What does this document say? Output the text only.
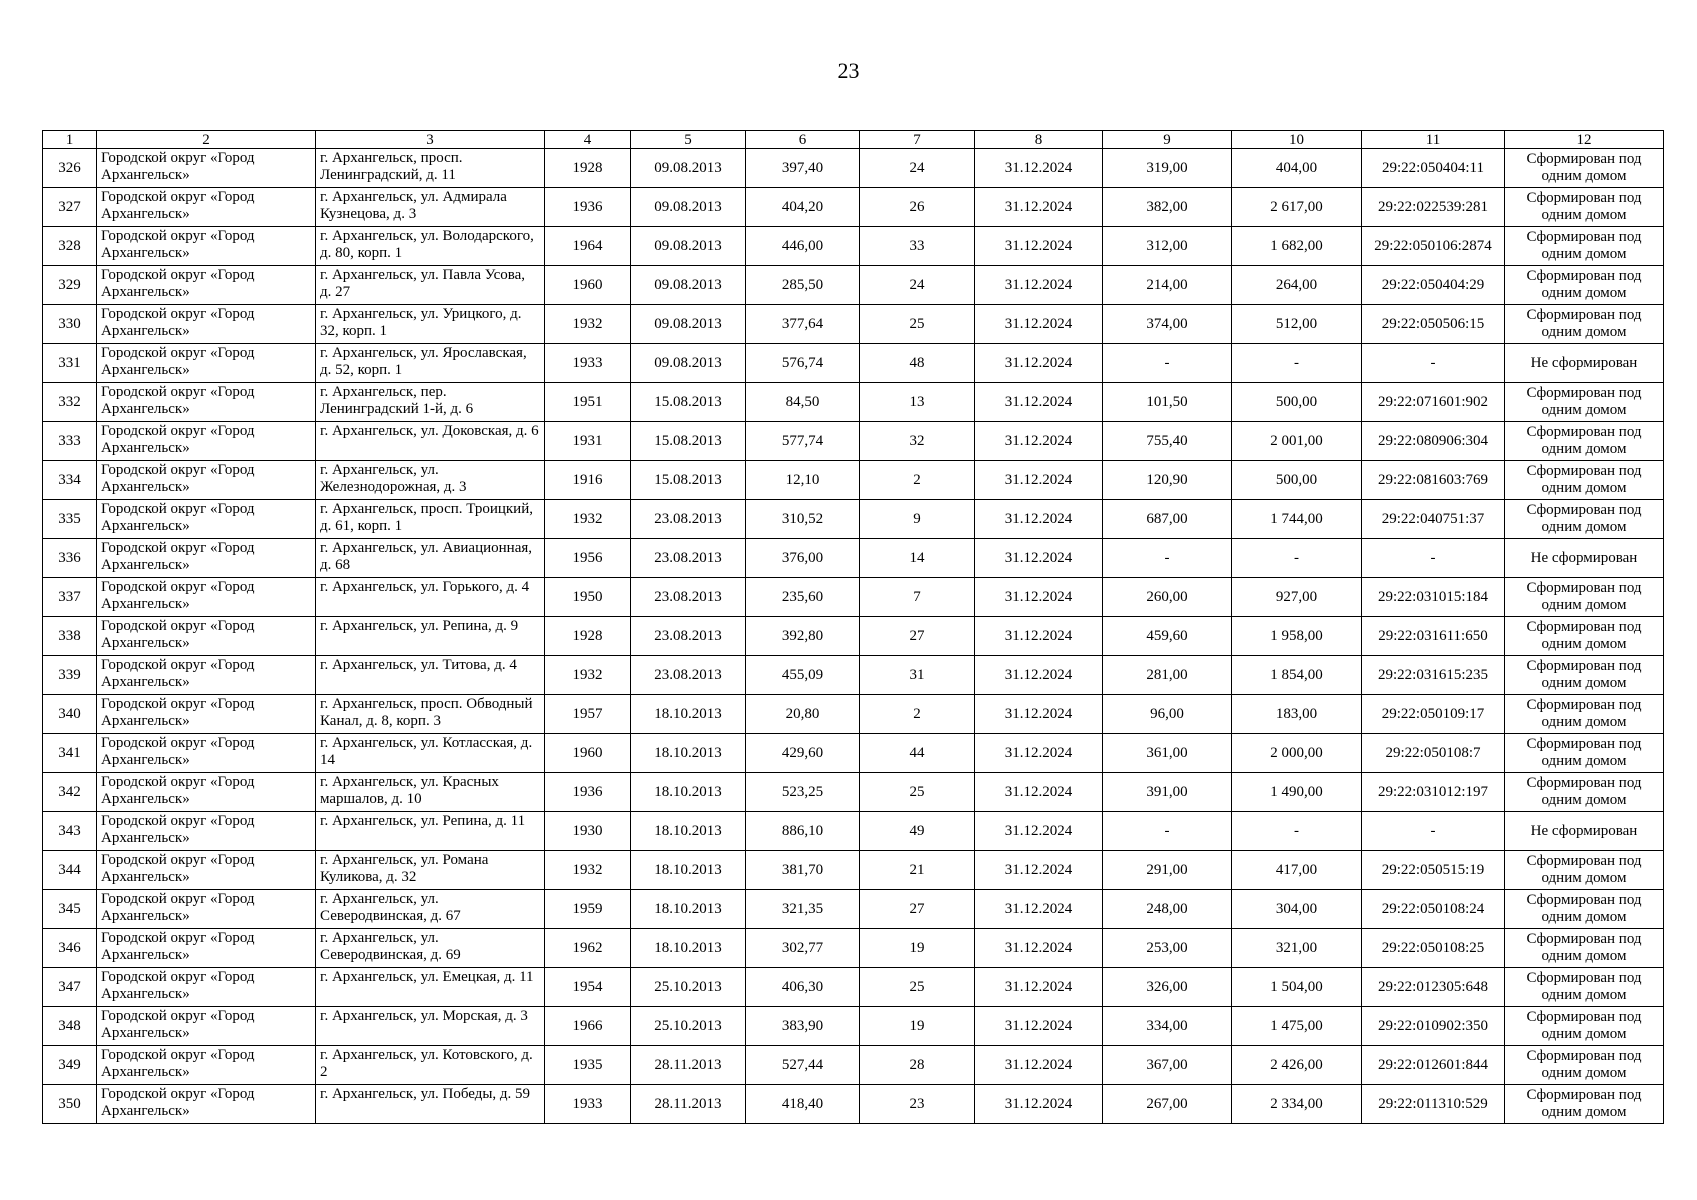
23
1	2	3	4	5	6	7	8	9	10	11	12
326	Городской округ «Город Архангельск»	г. Архангельск, просп. Ленинградский, д. 11	1928	09.08.2013	397,40	24	31.12.2024	319,00	404,00	29:22:050404:11	Сформирован под одним домом
327	Городской округ «Город Архангельск»	г. Архангельск, ул. Адмирала Кузнецова, д. 3	1936	09.08.2013	404,20	26	31.12.2024	382,00	2 617,00	29:22:022539:281	Сформирован под одним домом
328	Городской округ «Город Архангельск»	г. Архангельск, ул. Володарского, д. 80, корп. 1	1964	09.08.2013	446,00	33	31.12.2024	312,00	1 682,00	29:22:050106:2874	Сформирован под одним домом
329	Городской округ «Город Архангельск»	г. Архангельск, ул. Павла Усова, д. 27	1960	09.08.2013	285,50	24	31.12.2024	214,00	264,00	29:22:050404:29	Сформирован под одним домом
330	Городской округ «Город Архангельск»	г. Архангельск, ул. Урицкого, д. 32, корп. 1	1932	09.08.2013	377,64	25	31.12.2024	374,00	512,00	29:22:050506:15	Сформирован под одним домом
331	Городской округ «Город Архангельск»	г. Архангельск, ул. Ярославская, д. 52, корп. 1	1933	09.08.2013	576,74	48	31.12.2024	-	-	-	Не сформирован
332	Городской округ «Город Архангельск»	г. Архангельск, пер. Ленинградский 1-й, д. 6	1951	15.08.2013	84,50	13	31.12.2024	101,50	500,00	29:22:071601:902	Сформирован под одним домом
333	Городской округ «Город Архангельск»	г. Архангельск, ул. Доковская, д. 6	1931	15.08.2013	577,74	32	31.12.2024	755,40	2 001,00	29:22:080906:304	Сформирован под одним домом
334	Городской округ «Город Архангельск»	г. Архангельск, ул. Железнодорожная, д. 3	1916	15.08.2013	12,10	2	31.12.2024	120,90	500,00	29:22:081603:769	Сформирован под одним домом
335	Городской округ «Город Архангельск»	г. Архангельск, просп. Троицкий, д. 61, корп. 1	1932	23.08.2013	310,52	9	31.12.2024	687,00	1 744,00	29:22:040751:37	Сформирован под одним домом
336	Городской округ «Город Архангельск»	г. Архангельск, ул. Авиационная, д. 68	1956	23.08.2013	376,00	14	31.12.2024	-	-	-	Не сформирован
337	Городской округ «Город Архангельск»	г. Архангельск, ул. Горького, д. 4	1950	23.08.2013	235,60	7	31.12.2024	260,00	927,00	29:22:031015:184	Сформирован под одним домом
338	Городской округ «Город Архангельск»	г. Архангельск, ул. Репина, д. 9	1928	23.08.2013	392,80	27	31.12.2024	459,60	1 958,00	29:22:031611:650	Сформирован под одним домом
339	Городской округ «Город Архангельск»	г. Архангельск, ул. Титова, д. 4	1932	23.08.2013	455,09	31	31.12.2024	281,00	1 854,00	29:22:031615:235	Сформирован под одним домом
340	Городской округ «Город Архангельск»	г. Архангельск, просп. Обводный Канал, д. 8, корп. 3	1957	18.10.2013	20,80	2	31.12.2024	96,00	183,00	29:22:050109:17	Сформирован под одним домом
341	Городской округ «Город Архангельск»	г. Архангельск, ул. Котласская, д. 14	1960	18.10.2013	429,60	44	31.12.2024	361,00	2 000,00	29:22:050108:7	Сформирован под одним домом
342	Городской округ «Город Архангельск»	г. Архангельск, ул. Красных маршалов, д. 10	1936	18.10.2013	523,25	25	31.12.2024	391,00	1 490,00	29:22:031012:197	Сформирован под одним домом
343	Городской округ «Город Архангельск»	г. Архангельск, ул. Репина, д. 11	1930	18.10.2013	886,10	49	31.12.2024	-	-	-	Не сформирован
344	Городской округ «Город Архангельск»	г. Архангельск, ул. Романа Куликова, д. 32	1932	18.10.2013	381,70	21	31.12.2024	291,00	417,00	29:22:050515:19	Сформирован под одним домом
345	Городской округ «Город Архангельск»	г. Архангельск, ул. Северодвинская, д. 67	1959	18.10.2013	321,35	27	31.12.2024	248,00	304,00	29:22:050108:24	Сформирован под одним домом
346	Городской округ «Город Архангельск»	г. Архангельск, ул. Северодвинская, д. 69	1962	18.10.2013	302,77	19	31.12.2024	253,00	321,00	29:22:050108:25	Сформирован под одним домом
347	Городской округ «Город Архангельск»	г. Архангельск, ул. Емецкая, д. 11	1954	25.10.2013	406,30	25	31.12.2024	326,00	1 504,00	29:22:012305:648	Сформирован под одним домом
348	Городской округ «Город Архангельск»	г. Архангельск, ул. Морская, д. 3	1966	25.10.2013	383,90	19	31.12.2024	334,00	1 475,00	29:22:010902:350	Сформирован под одним домом
349	Городской округ «Город Архангельск»	г. Архангельск, ул. Котовского, д. 2	1935	28.11.2013	527,44	28	31.12.2024	367,00	2 426,00	29:22:012601:844	Сформирован под одним домом
350	Городской округ «Город Архангельск»	г. Архангельск, ул. Победы, д. 59	1933	28.11.2013	418,40	23	31.12.2024	267,00	2 334,00	29:22:011310:529	Сформирован под одним домом
